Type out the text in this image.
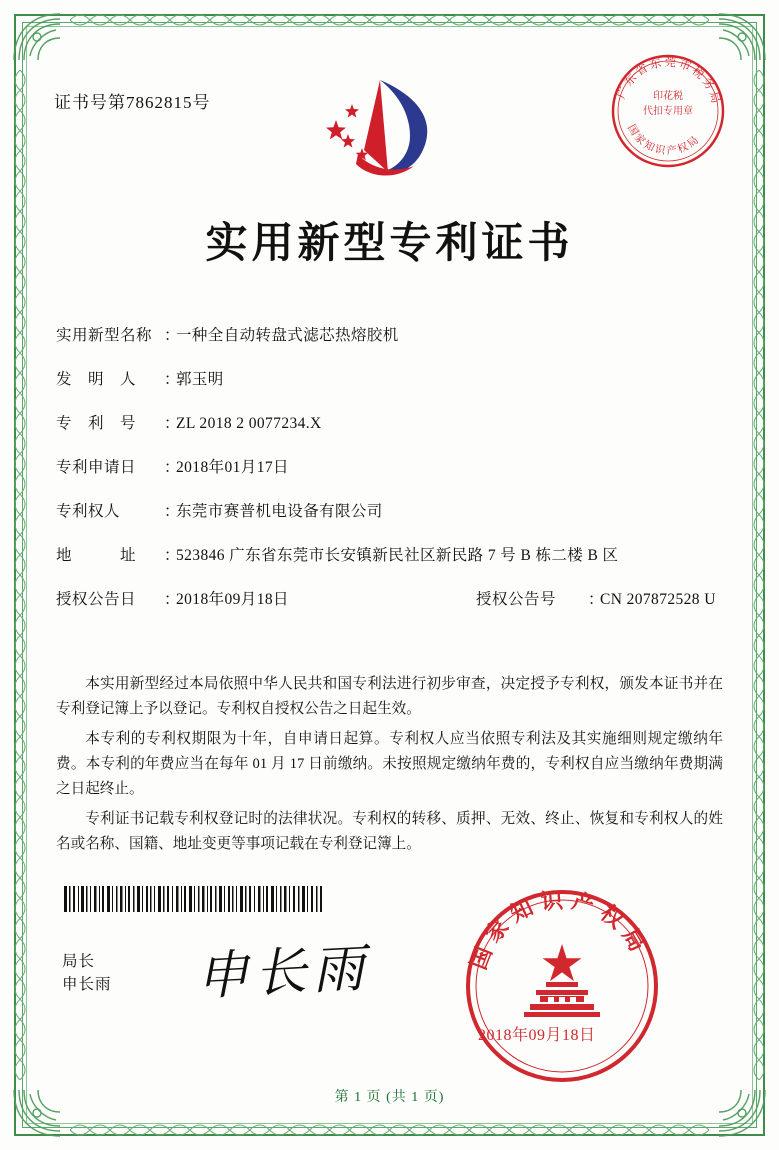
证书号第7862815号
广东省东莞市税务局
国家知识产权局
印花税
代扣专用章
实用新型专利证书
实用新型名称 ：
一种全自动转盘式滤芯热熔胶机
发　明　人	：
郭玉明
专　利　号	：
ZL 2018 2 0077234.X
专利申请日	：
2018年01月17日
专利权人	：
东莞市赛普机电设备有限公司
地　　　址	：
523846 广东省东莞市长安镇新民社区新民路 7 号 B 栋二楼 B 区
授权公告日	：
2018年09月18日	授权公告号	：
CN 207872528 U

本实用新型经过本局依照中华人民共和国专利法进行初步审查，决定授予专利权，颁发本证书并在专利登记簿上予以登记。专利权自授权公告之日起生效。

本专利的专利权期限为十年，自申请日起算。专利权人应当依照专利法及其实施细则规定缴纳年费。本专利的年费应当在每年 01 月 17 日前缴纳。未按照规定缴纳年费的，专利权自应当缴纳年费期满之日起终止。

专利证书记载专利权登记时的法律状况。专利权的转移、质押、无效、终止、恢复和专利权人的姓名或名称、国籍、地址变更等事项记载在专利登记簿上。

申长雨
局长
申长雨
国家知识产权局
2018年09月18日
第 1 页 (共 1 页)
